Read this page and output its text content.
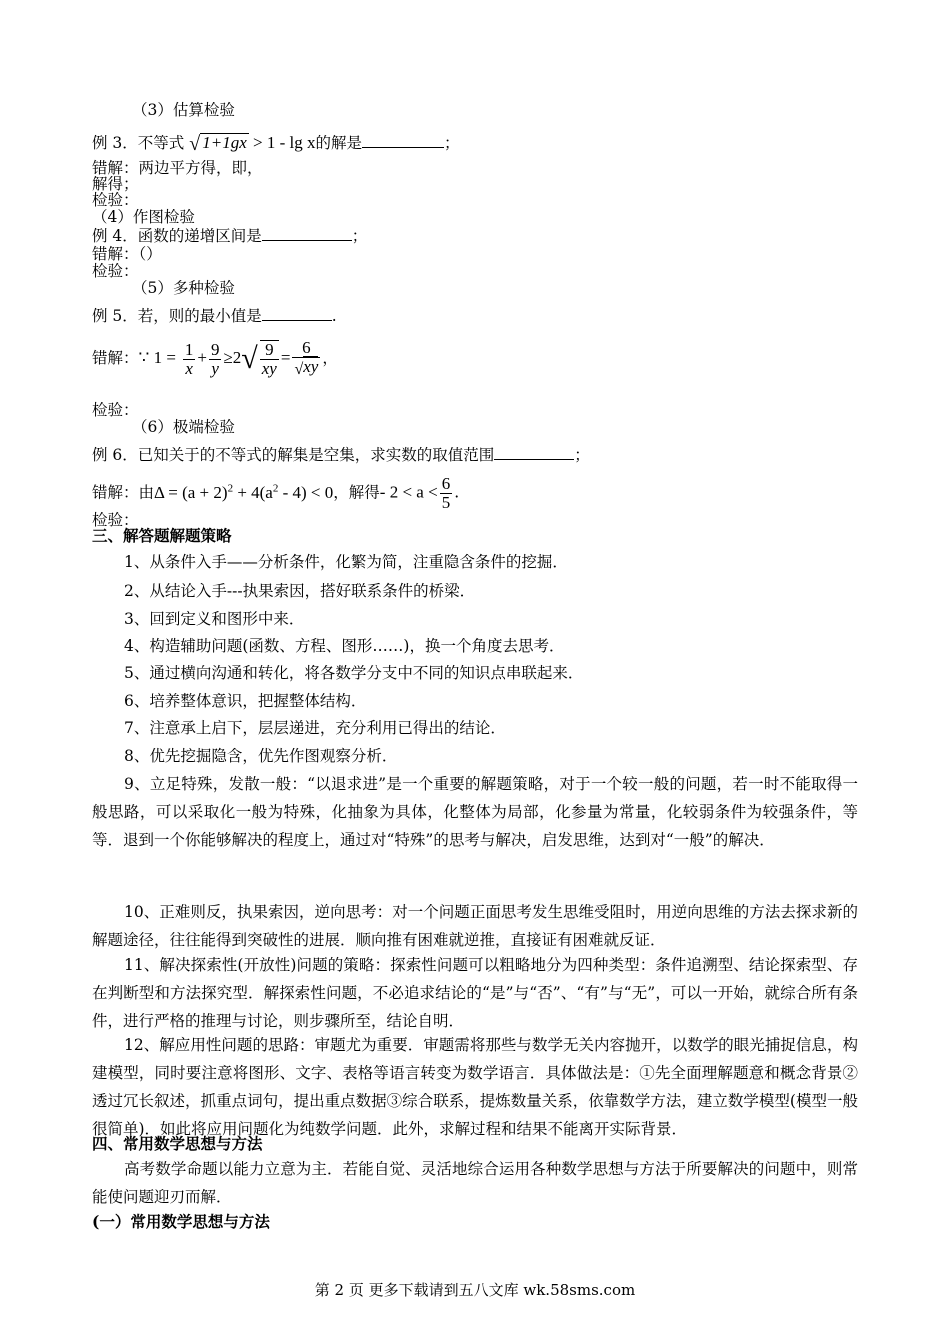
（3）估算检验
例 3．不等式 √ 1+1gx > 1 - lg x的解是	；
错解：两边平方得，即，
解得；
检验：
（4）作图检验
例 4．函数的递增区间是	；
错解：（）
检验：
（5）多种检验
例 5．若，则的最小值是	.
错解：∵ $1 = \frac{1}{x} + \frac{9}{y} \ge 2√ \frac{9}{xy} = \frac{6}{√xy}$ ，
检验：
（6）极端检验
例 6．已知关于的不等式的解集是空集，求实数的取值范围	；
错解：由$\Delta = (a + 2)^2 + 4(a^2 - 4) < 0$，解得- $2 < a < \frac{6}{5}$ .
检验：
三、解答题解题策略
1、从条件入手——分析条件，化繁为简，注重隐含条件的挖掘．
2、从结论入手---执果索因，搭好联系条件的桥梁．
3、回到定义和图形中来．
4、构造辅助问题(函数、方程、图形……)，换一个角度去思考．
5、通过横向沟通和转化，将各数学分支中不同的知识点串联起来．
6、培养整体意识，把握整体结构．
7、注意承上启下，层层递进，充分利用已得出的结论．
8、优先挖掘隐含，优先作图观察分析．
9、立足特殊，发散一般：“以退求进”是一个重要的解题策略，对于一个较一般的问题，若一时不能取得一般思路，可以采取化一般为特殊，化抽象为具体，化整体为局部，化参量为常量，化较弱条件为较强条件，等等．退到一个你能够解决的程度上，通过对“特殊”的思考与解决，启发思维，达到对“一般”的解决．
10、正难则反，执果索因，逆向思考：对一个问题正面思考发生思维受阻时，用逆向思维的方法去探求新的解题途径，往往能得到突破性的进展．顺向推有困难就逆推，直接证有困难就反证．
11、解决探索性(开放性)问题的策略：探索性问题可以粗略地分为四种类型：条件追溯型、结论探索型、存在判断型和方法探究型．解探索性问题，不必追求结论的“是”与“否”、“有”与“无”，可以一开始，就综合所有条件，进行严格的推理与讨论，则步骤所至，结论自明．
12、解应用性问题的思路：审题尤为重要．审题需将那些与数学无关内容抛开，以数学的眼光捕捉信息，构建模型，同时要注意将图形、文字、表格等语言转变为数学语言．具体做法是：①先全面理解题意和概念背景②透过冗长叙述，抓重点词句，提出重点数据③综合联系，提炼数量关系，依靠数学方法，建立数学模型(模型一般很简单)．如此将应用问题化为纯数学问题．此外，求解过程和结果不能离开实际背景．
四、常用数学思想与方法
高考数学命题以能力立意为主．若能自觉、灵活地综合运用各种数学思想与方法于所要解决的问题中，则常能使问题迎刃而解．
(一）常用数学思想与方法
第 2 页 更多下载请到五八文库 wk.58sms.com
